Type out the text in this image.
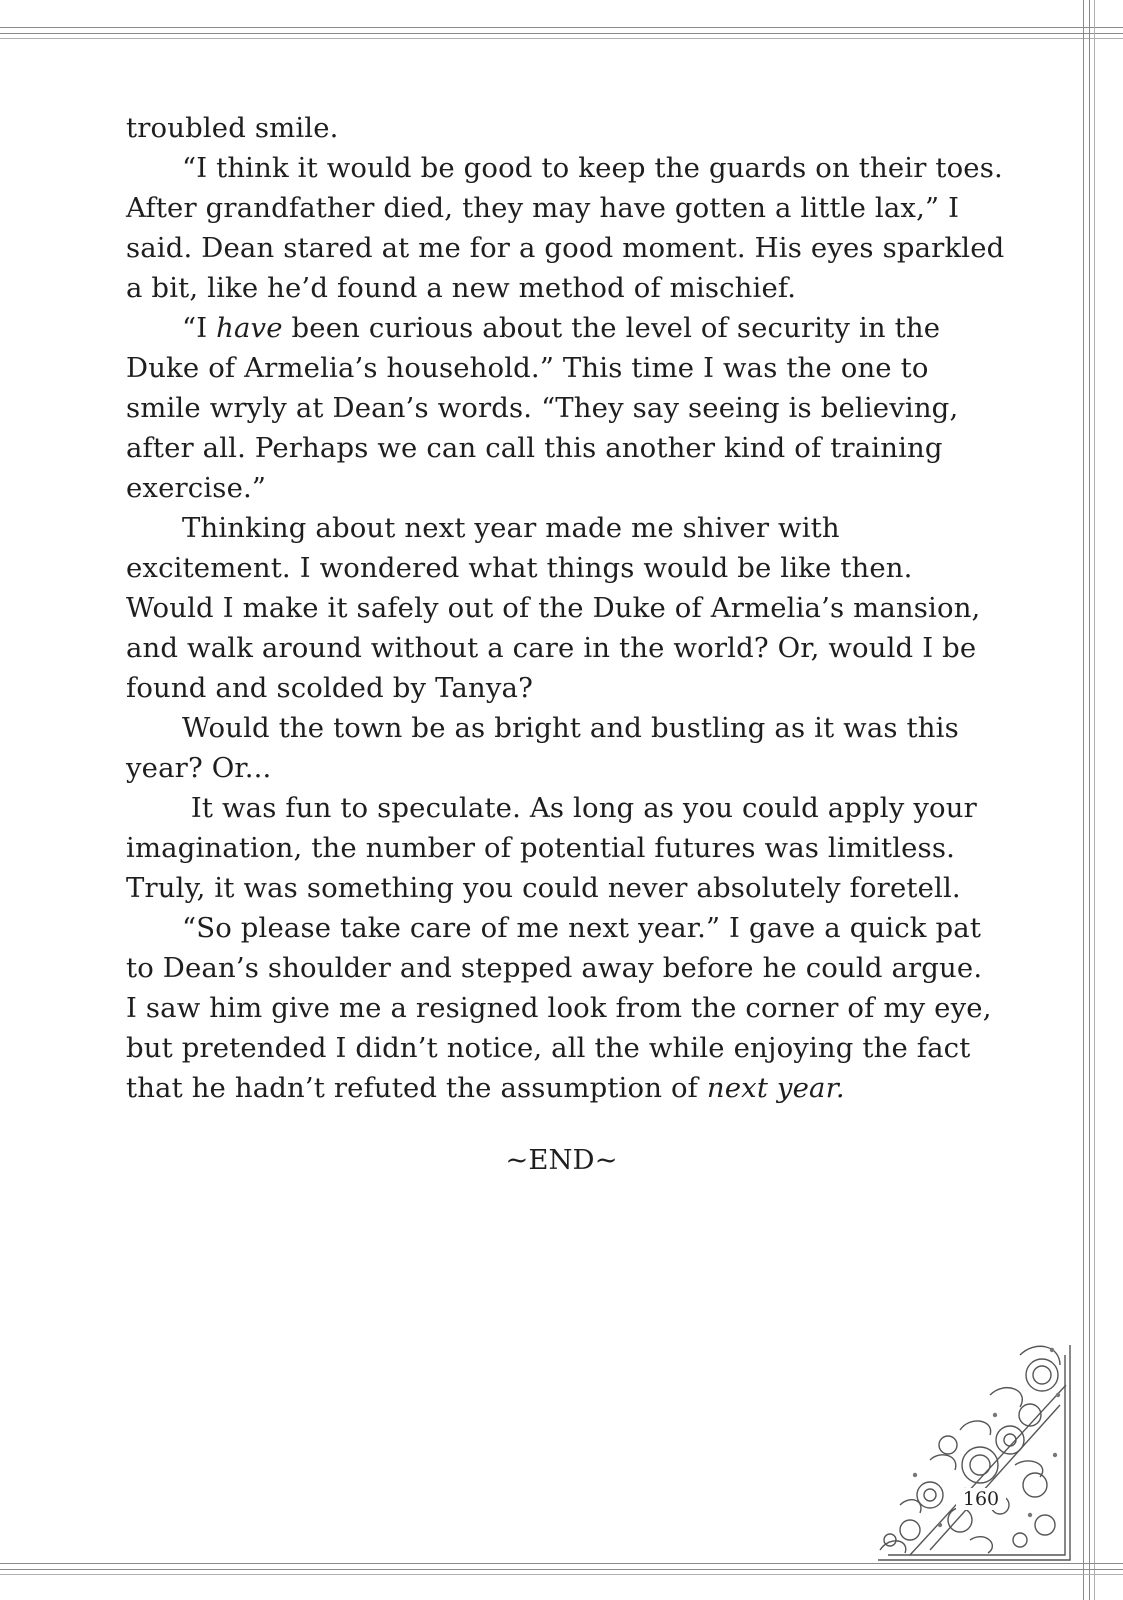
troubled smile.
“I think it would be good to keep the guards on their toes.
After grandfather died, they may have gotten a little lax,” I
said. Dean stared at me for a good moment. His eyes sparkled
a bit, like he’d found a new method of mischief.
“I have been curious about the level of security in the
Duke of Armelia’s household.” This time I was the one to
smile wryly at Dean’s words. “They say seeing is believing,
after all. Perhaps we can call this another kind of training
exercise.”
Thinking about next year made me shiver with
excitement. I wondered what things would be like then.
Would I make it safely out of the Duke of Armelia’s mansion,
and walk around without a care in the world? Or, would I be
found and scolded by Tanya?
Would the town be as bright and bustling as it was this
year? Or...
It was fun to speculate. As long as you could apply your
imagination, the number of potential futures was limitless.
Truly, it was something you could never absolutely foretell.
“So please take care of me next year.” I gave a quick pat
to Dean’s shoulder and stepped away before he could argue.
I saw him give me a resigned look from the corner of my eye,
but pretended I didn’t notice, all the while enjoying the fact
that he hadn’t refuted the assumption of next year.
~END~
160
